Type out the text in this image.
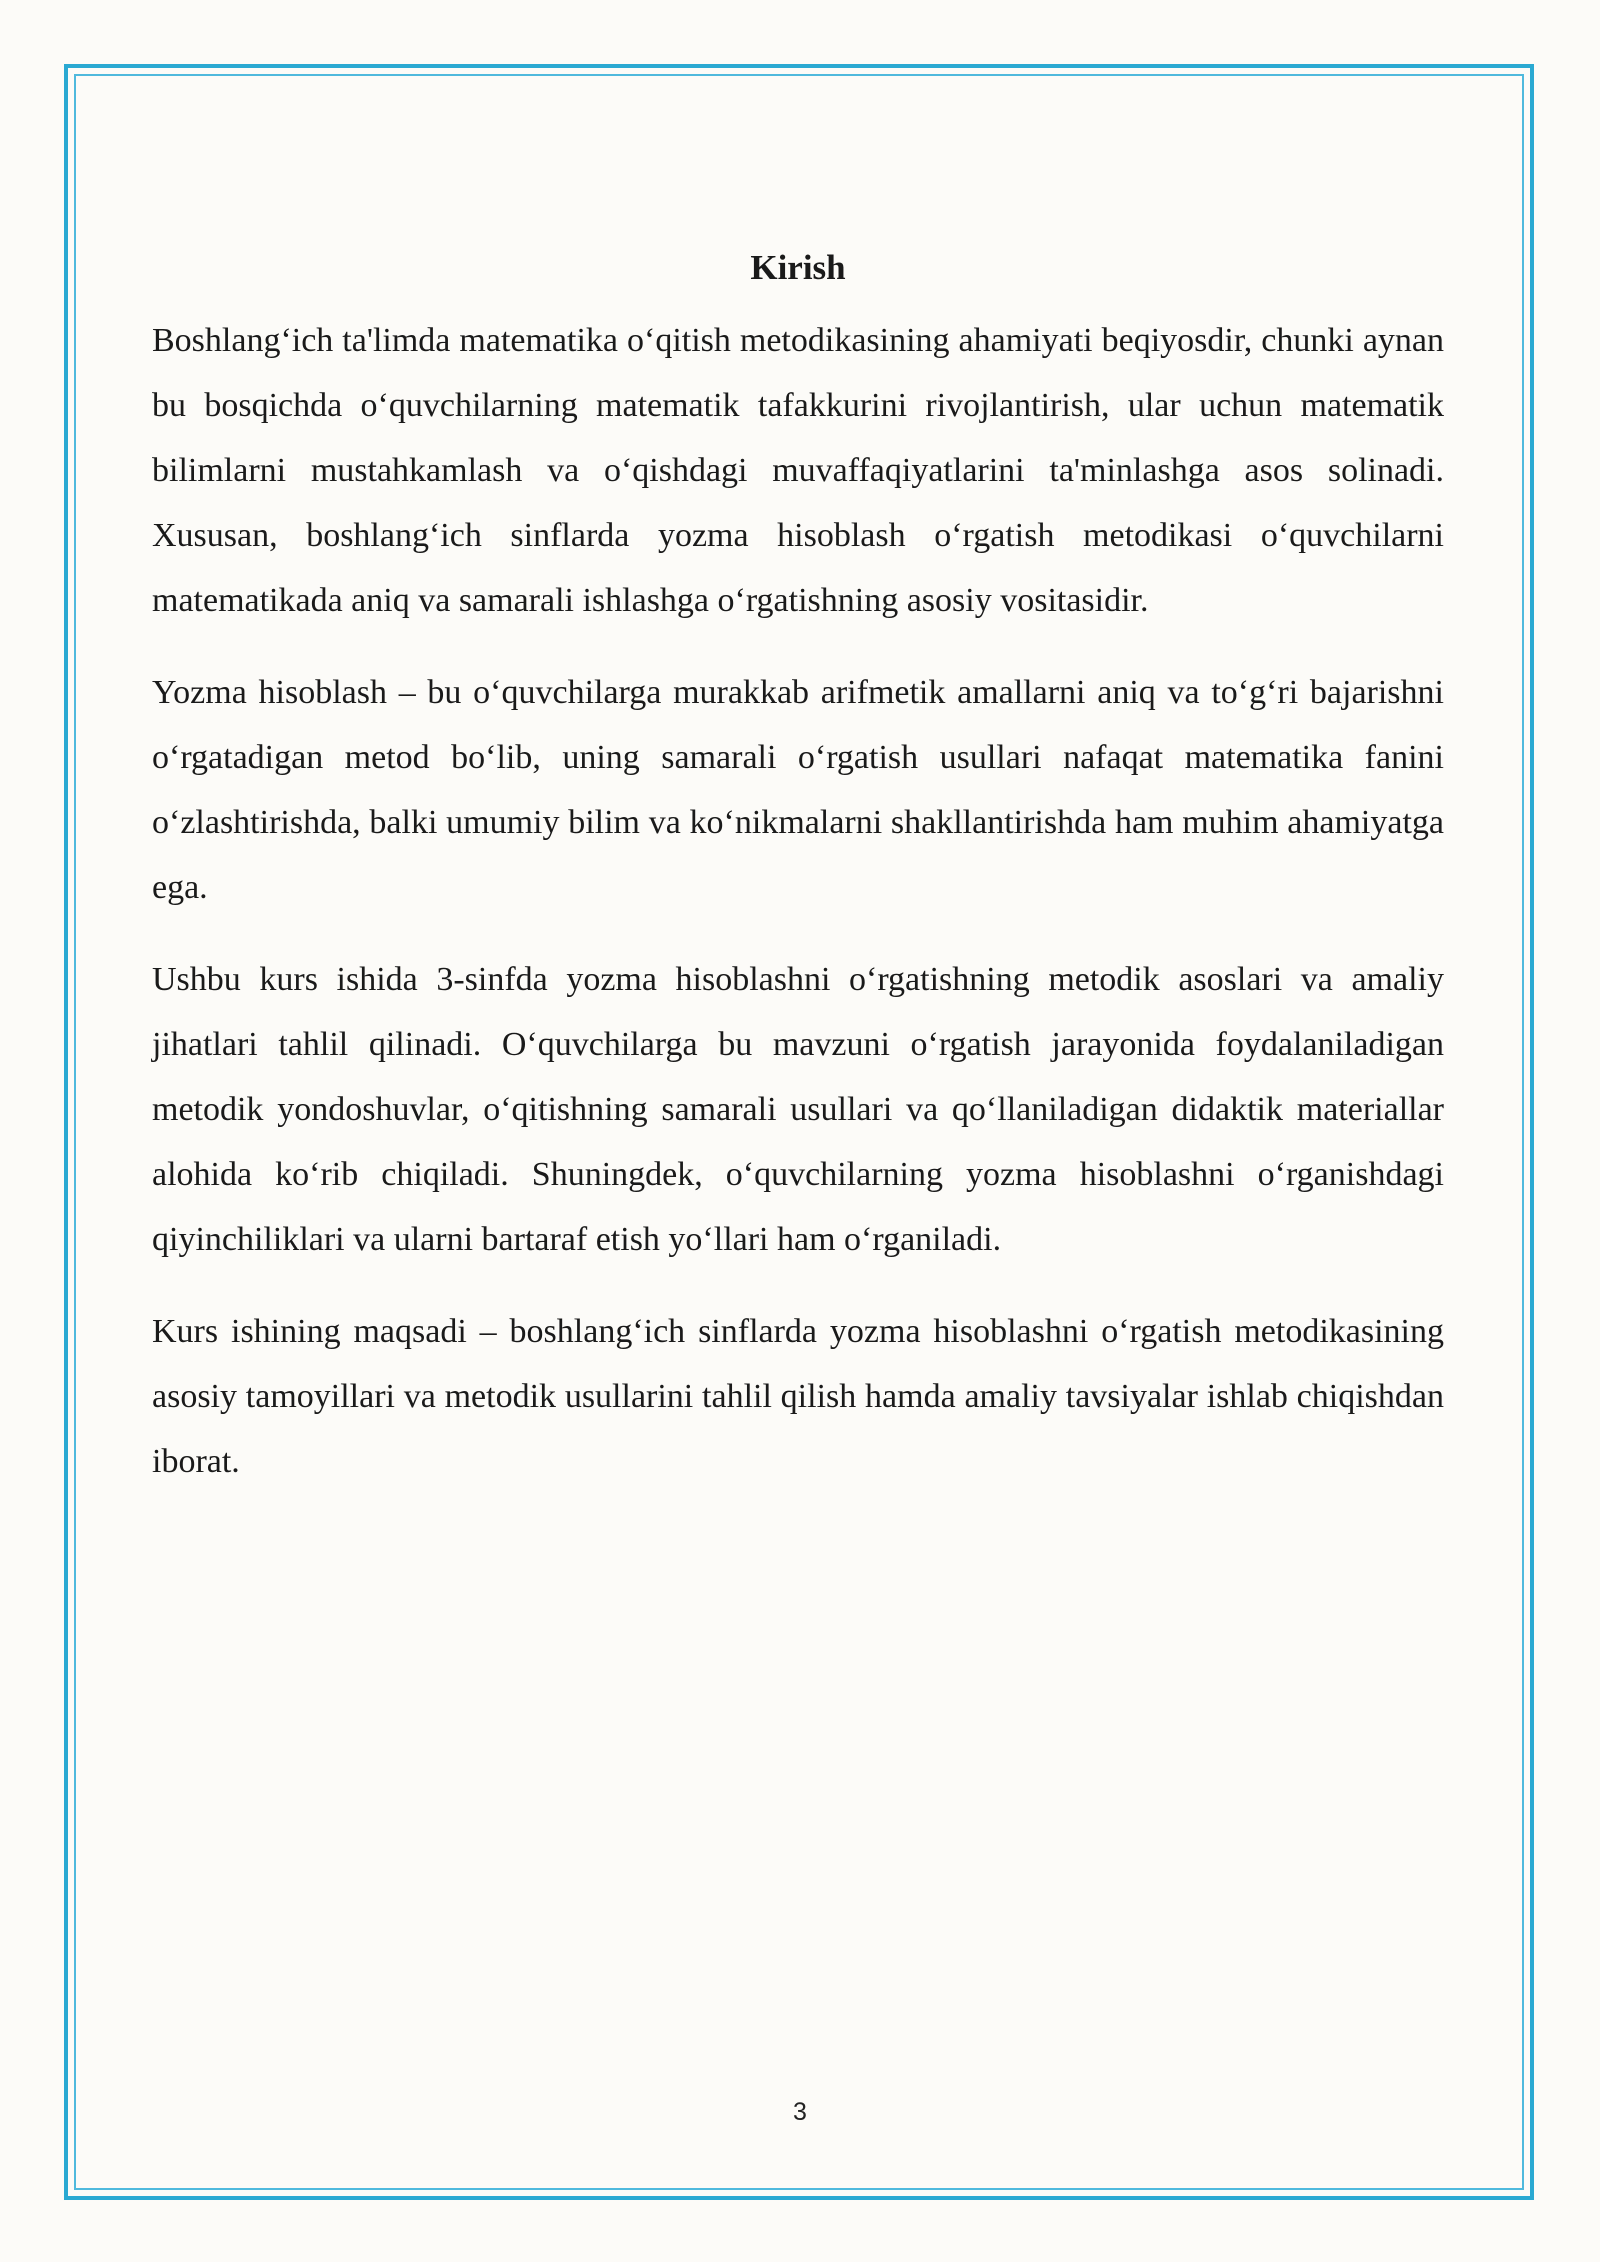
Kirish

Boshlang‘ich ta'limda matematika o‘qitish metodikasining ahamiyati beqiyosdir, chunki aynan bu bosqichda o‘quvchilarning matematik tafakkurini rivojlantirish, ular uchun matematik bilimlarni mustahkamlash va o‘qishdagi muvaffaqiyatlarini ta'minlashga asos solinadi. Xususan, boshlang‘ich sinflarda yozma hisoblash o‘rgatish metodikasi o‘quvchilarni matematikada aniq va samarali ishlashga o‘rgatishning asosiy vositasidir.

Yozma hisoblash – bu o‘quvchilarga murakkab arifmetik amallarni aniq va to‘g‘ri bajarishni o‘rgatadigan metod bo‘lib, uning samarali o‘rgatish usullari nafaqat matematika fanini o‘zlashtirishda, balki umumiy bilim va ko‘nikmalarni shakllantirishda ham muhim ahamiyatga ega.

Ushbu kurs ishida 3-sinfda yozma hisoblashni o‘rgatishning metodik asoslari va amaliy jihatlari tahlil qilinadi. O‘quvchilarga bu mavzuni o‘rgatish jarayonida foydalaniladigan metodik yondoshuvlar, o‘qitishning samarali usullari va qo‘llaniladigan didaktik materiallar alohida ko‘rib chiqiladi. Shuningdek, o‘quvchilarning yozma hisoblashni o‘rganishdagi qiyinchiliklari va ularni bartaraf etish yo‘llari ham o‘rganiladi.

Kurs ishining maqsadi – boshlang‘ich sinflarda yozma hisoblashni o‘rgatish metodikasining asosiy tamoyillari va metodik usullarini tahlil qilish hamda amaliy tavsiyalar ishlab chiqishdan iborat.

3
